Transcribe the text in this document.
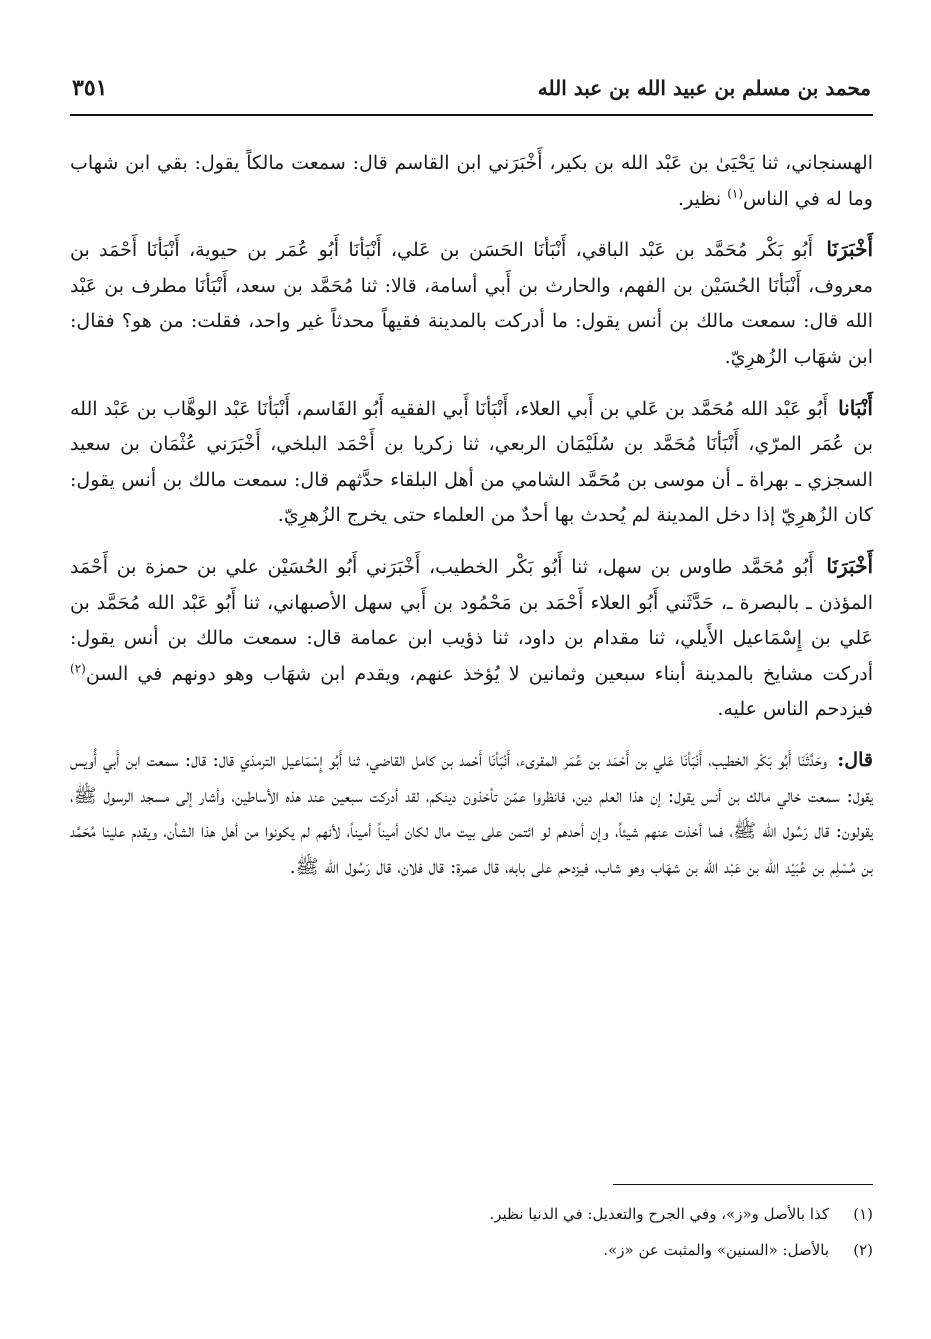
محمد بن مسلم بن عبيد الله بن عبد الله
٣٥١

الهسنجاني، ثنا يَحْيَىٰ بن عَبْد الله بن بكير، أَخْبَرَني ابن القاسم قال: سمعت مالكاً يقول: بقي ابن شهاب وما له في الناس$^{(١)}$ نظير.

أَخْبَرَنَا أَبُو بَكْر مُحَمَّد بن عَبْد الباقي، أَنْبَأنَا الحَسَن بن عَلي، أَنْبَأنَا أَبُو عُمَر بن حيوية، أَنْبَأنَا أَحْمَد بن معروف، أَنْبَأنَا الحُسَيْن بن الفهم، والحارث بن أَبي أسامة، قالا: ثنا مُحَمَّد بن سعد، أَنْبَأنَا مطرف بن عَبْد الله قال: سمعت مالك بن أنس يقول: ما أدركت بالمدينة فقيهاً محدثاً غير واحد، فقلت: من هو؟ فقال: ابن شهَاب الزُهرِيّ.

أَنْبَانا أَبُو عَبْد الله مُحَمَّد بن عَلي بن أَبي العلاء، أَنْبَأنَا أَبي الفقيه أَبُو القَاسم، أَنْبَأنَا عَبْد الوهَّاب بن عَبْد الله بن عُمَر المرّي، أَنْبَأنَا مُحَمَّد بن سُلَيْمَان الربعي، ثنا زكريا بن أَحْمَد البلخي، أَخْبَرَني عُثْمَان بن سعيد السجزي ـ بهراة ـ أن موسى بن مُحَمَّد الشامي من أهل البلقاء حدَّثهم قال: سمعت مالك بن أنس يقول: كان الزُهرِيّ إذا دخل المدينة لم يُحدث بها أحدٌ من العلماء حتى يخرج الزُهرِيّ.

أَخْبَرَنَا أَبُو مُحَمَّد طاوس بن سهل، ثنا أَبُو بَكْر الخطيب، أَخْبَرَني أَبُو الحُسَيْن علي بن حمزة بن أَحْمَد المؤذن ـ بالبصرة ـ، حَدَّثَني أَبُو العلاء أَحْمَد بن مَحْمُود بن أَبي سهل الأصبهاني، ثنا أَبُو عَبْد الله مُحَمَّد بن عَلي بن إِسْمَاعيل الأَيلي، ثنا مقدام بن داود، ثنا ذؤيب ابن عمامة قال: سمعت مالك بن أنس يقول: أدركت مشايخ بالمدينة أبناء سبعين وثمانين لا يُؤخذ عنهم، ويقدم ابن شهَاب وهو دونهم في السن$^{(٢)}$ فيزدحم الناس عليه.

قال: وحَدَّثَنَا أَبُو بَكْر الخطيب، أَنْبَأنَا عَلي بن أَحْمَد بن عُمَر المقرىء، أَنْبَأنَا أَحْمد بن كامل القاضي، ثنا أَبُو إِسْمَاعيل الترمذي قال: قال: سمعت ابن أَبي أُويس يقول: سمعت خالي مالك بن أنس يقول: إن هذا العلم دين، فانظروا عمّن تأخذون دينكم، لقد أدركت سبعين عند هذه الأساطين، وأشار إلى مسجد الرسول ﷺ، يقولون: قال رَسُول الله ﷺ، فما أخذت عنهم شيئاً، وإن أحدهم لو ائتمن على بيت مال لكان أميناً أميناً، لأنهم لم يكونوا من أهل هذا الشأن، ويقدم علينا مُحَمَّد بن مُسْلِم بن عُبَيْد الله بن عَبْد الله بن شهَاب وهو شاب، فيزدحم على بابه، قال عمرة: قال فلان، قال رَسُول الله ﷺ.

(١)
كذا بالأصل و«ز»، وفي الجرح والتعديل: في الدنيا نظير.
(٢)
بالأصل: «السنين» والمثبت عن «ز».
